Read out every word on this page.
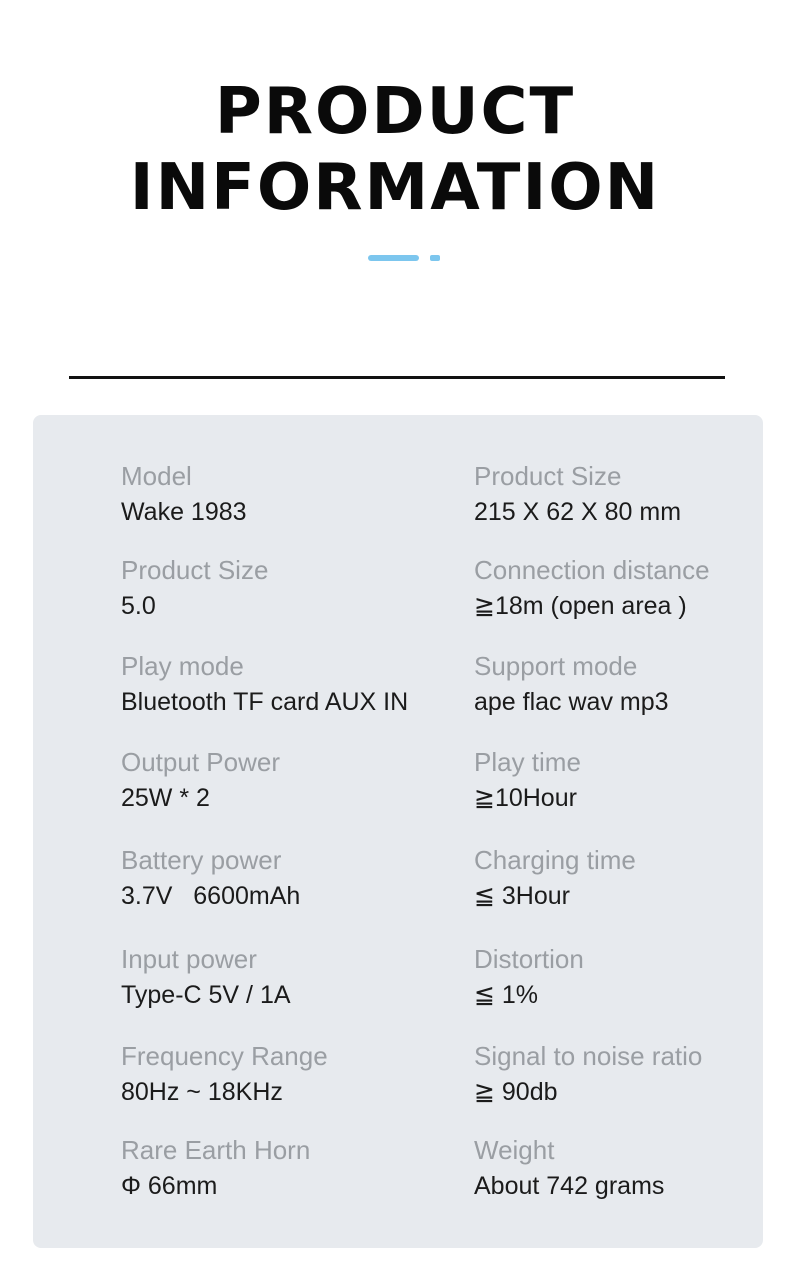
PRODUCT
INFORMATION
Model
Wake 1983
Product Size
215 X 62 X 80 mm
Product Size
5.0
Connection distance
≧18m (open area )
Play mode
Bluetooth TF card AUX IN
Support mode
ape flac wav mp3
Output Power
25W * 2
Play time
≧10Hour
Battery power
3.7V   6600mAh
Charging time
≦ 3Hour
Input power
Type-C 5V / 1A
Distortion
≦ 1%
Frequency Range
80Hz ~ 18KHz
Signal to noise ratio
≧ 90db
Rare Earth Horn
Φ 66mm
Weight
About 742 grams
